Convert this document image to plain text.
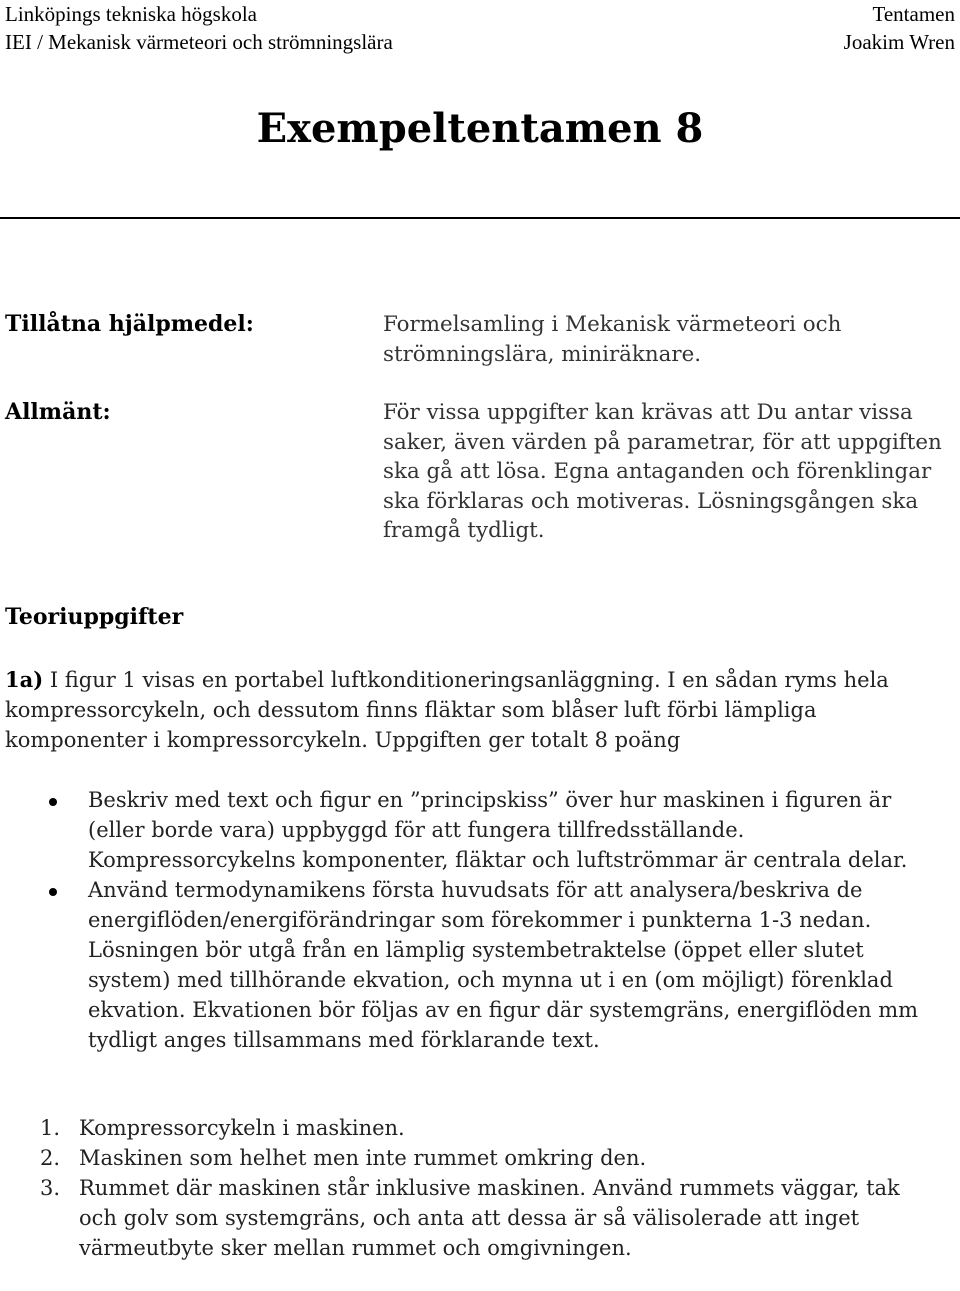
Linköpings tekniska högskola
IEI / Mekanisk värmeteori och strömningslära
Tentamen
Joakim Wren
Exempeltentamen 8
Tillåtna hjälpmedel:	Formelsamling i Mekanisk värmeteori och strömningslära, miniräknare.
Allmänt:	För vissa uppgifter kan krävas att Du antar vissa saker, även värden på parametrar, för att uppgiften ska gå att lösa. Egna antaganden och förenklingar ska förklaras och motiveras. Lösningsgången ska framgå tydligt.
Teoriuppgifter
1a) I figur 1 visas en portabel luftkonditioneringsanläggning. I en sådan ryms hela kompressorcykeln, och dessutom finns fläktar som blåser luft förbi lämpliga komponenter i kompressorcykeln. Uppgiften ger totalt 8 poäng
Beskriv med text och figur en ”principskiss” över hur maskinen i figuren är (eller borde vara) uppbyggd för att fungera tillfredsställande. Kompressorcykelns komponenter, fläktar och luftströmmar är centrala delar.
Använd termodynamikens första huvudsats för att analysera/beskriva de energiflöden/energiförändringar som förekommer i punkterna 1-3 nedan. Lösningen bör utgå från en lämplig systembetraktelse (öppet eller slutet system) med tillhörande ekvation, och mynna ut i en (om möjligt) förenklad ekvation. Ekvationen bör följas av en figur där systemgräns, energiflöden mm tydligt anges tillsammans med förklarande text.
1. Kompressorcykeln i maskinen.
2. Maskinen som helhet men inte rummet omkring den.
3. Rummet där maskinen står inklusive maskinen. Använd rummets väggar, tak och golv som systemgräns, och anta att dessa är så välisolerade att inget värmeutbyte sker mellan rummet och omgivningen.
